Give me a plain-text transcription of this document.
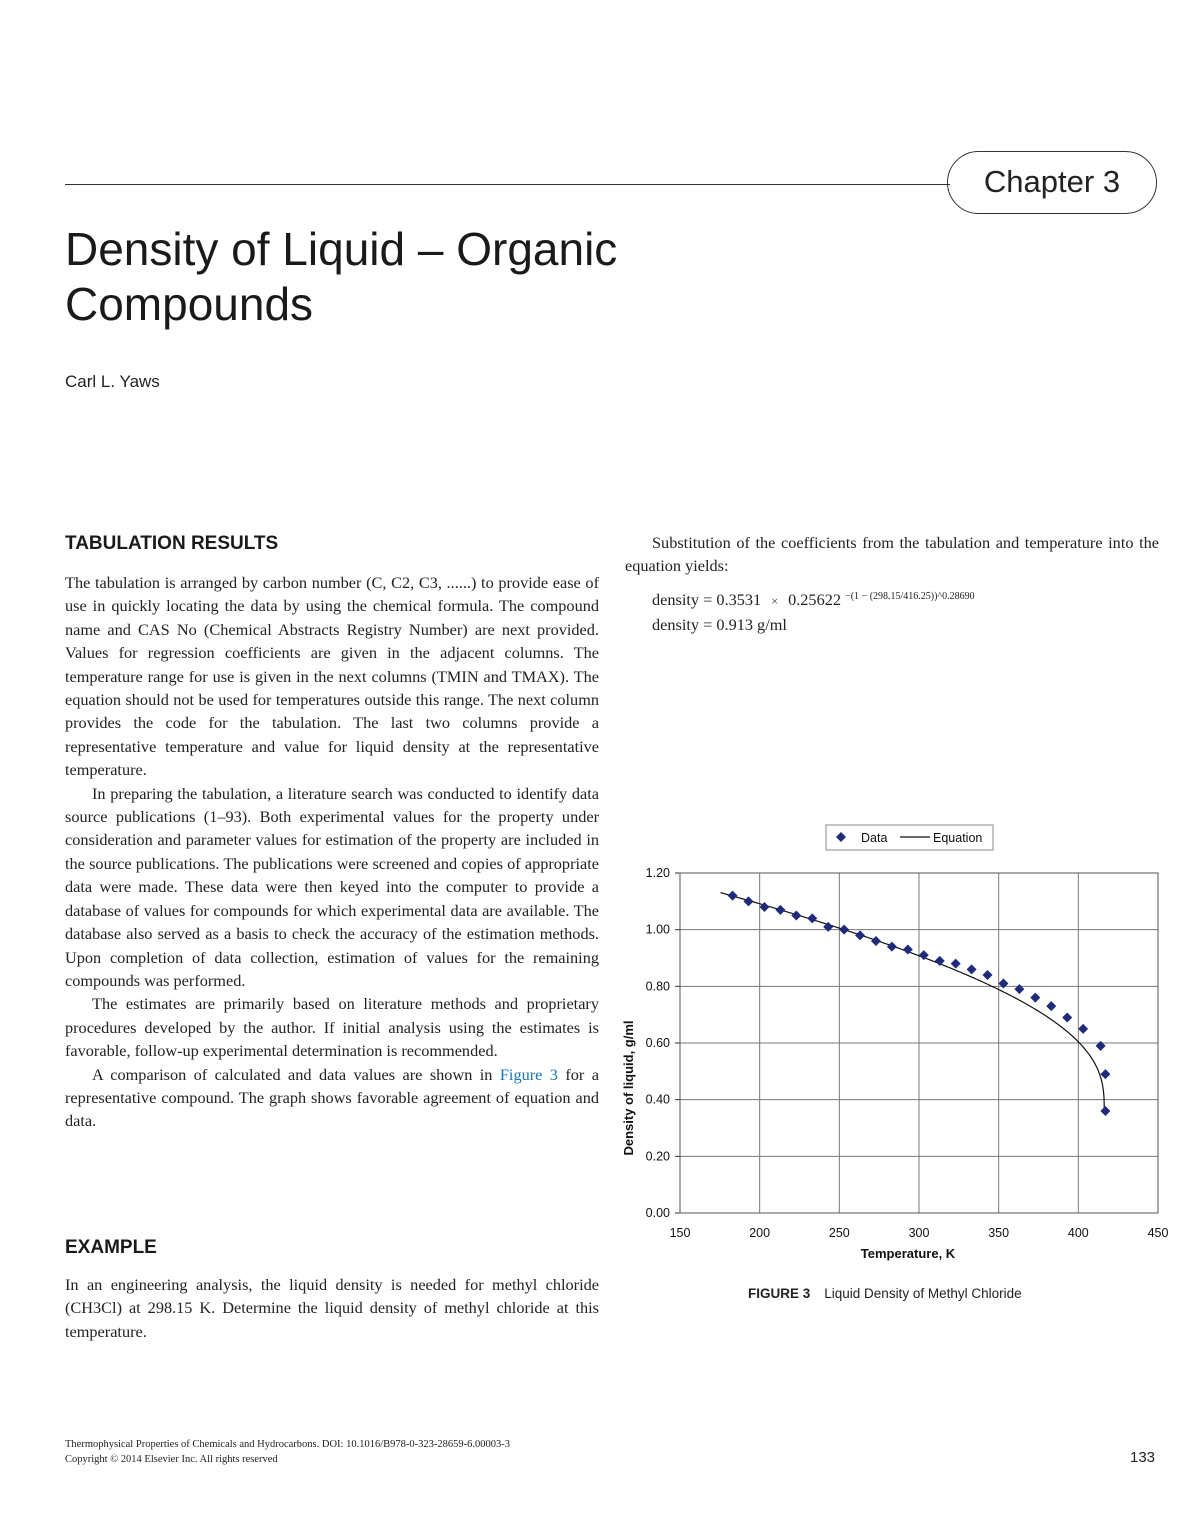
Chapter 3
Density of Liquid – Organic Compounds
Carl L. Yaws
TABULATION RESULTS

The tabulation is arranged by carbon number (C, C2, C3, ......) to provide ease of use in quickly locating the data by using the chemical formula. The compound name and CAS No (Chemical Abstracts Registry Number) are next provided. Values for regression coefficients are given in the adjacent columns. The temperature range for use is given in the next columns (TMIN and TMAX). The equation should not be used for temperatures outside this range. The next column provides the code for the tabulation. The last two columns provide a representative temperature and value for liquid density at the representative temperature.

In preparing the tabulation, a literature search was conducted to identify data source publications (1–93). Both experimental values for the property under consideration and parameter values for estimation of the property are included in the source publications. The publications were screened and copies of appropriate data were made. These data were then keyed into the computer to provide a database of values for compounds for which experimental data are available. The database also served as a basis to check the accuracy of the estimation methods. Upon completion of data collection, estimation of values for the remaining compounds was performed.

The estimates are primarily based on literature methods and proprietary procedures developed by the author. If initial analysis using the estimates is favorable, follow-up experimental determination is recommended.

A comparison of calculated and data values are shown in Figure 3 for a representative compound. The graph shows favorable agreement of equation and data.

EXAMPLE

In an engineering analysis, the liquid density is needed for methyl chloride (CH3Cl) at 298.15 K. Determine the liquid density of methyl chloride at this temperature.

Substitution of the coefficients from the tabulation and temperature into the equation yields:

density = 0.3531 × 0.25622 $^{-(1 - (298.15/416.25))\^{}0.28690}$
density = 0.913 g/ml
Data	Equation
150	200	250	300	350	400	450
0.00
0.20
0.40
0.60
0.80
1.00
1.20
Temperature, K
Density of liquid, g/ml
FIGURE 3 Liquid Density of Methyl Chloride
Thermophysical Properties of Chemicals and Hydrocarbons. DOI: 10.1016/B978-0-323-28659-6.00003-3
Copyright © 2014 Elsevier Inc. All rights reserved	133
